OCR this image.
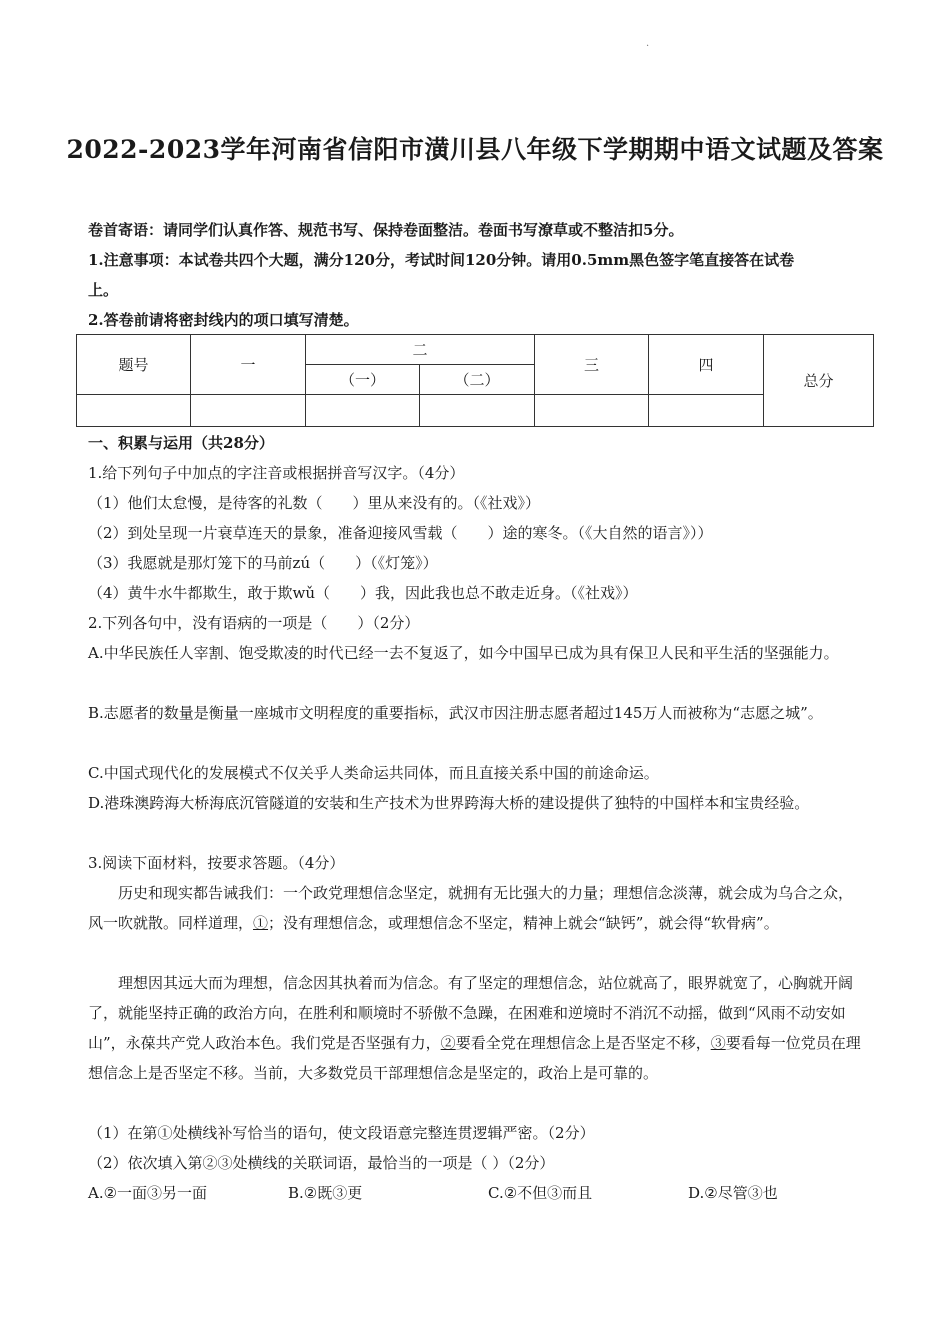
.
2022-2023学年河南省信阳市潢川县八年级下学期期中语文试题及答案
卷首寄语：请同学们认真作答、规范书写、保持卷面整洁。卷面书写潦草或不整洁扣5分。
1.注意事项：本试卷共四个大题，满分120分，考试时间120分钟。请用0.5mm黑色签字笔直接答在试卷
上。
2.答卷前请将密封线内的项口填写清楚。
题号	一	二		三	四	总分
		（一）	（二）			

一、积累与运用（共28分）
1.给下列句子中加点的字注音或根据拼音写汉字。（4分）
（1）他们太怠慢，是待客的礼数（　　）里从来没有的。（《社戏》）
（2）到处呈现一片衰草连天的景象，准备迎接风雪载（　　）途的寒冬。（《大自然的语言》））
（3）我愿就是那灯笼下的马前zú（　　）（《灯笼》）
（4）黄牛水牛都欺生，敢于欺wǔ（　　）我，因此我也总不敢走近身。（《社戏》）
2.下列各句中，没有语病的一项是（　　）（2分）
A.中华民族任人宰割、饱受欺凌的时代已经一去不复返了，如今中国早已成为具有保卫人民和平生活的坚强能力。
B.志愿者的数量是衡量一座城市文明程度的重要指标，武汉市因注册志愿者超过145万人而被称为“志愿之城”。
C.中国式现代化的发展模式不仅关乎人类命运共同体，而且直接关系中国的前途命运。
D.港珠澳跨海大桥海底沉管隧道的安装和生产技术为世界跨海大桥的建设提供了独特的中国样本和宝贵经验。
3.阅读下面材料，按要求答题。（4分）
历史和现实都告诫我们：一个政党理想信念坚定，就拥有无比强大的力量；理想信念淡薄，就会成为乌合之众，风一吹就散。同样道理，①；没有理想信念，或理想信念不坚定，精神上就会“缺钙”，就会得“软骨病”。
理想因其远大而为理想，信念因其执着而为信念。有了坚定的理想信念，站位就高了，眼界就宽了，心胸就开阔了，就能坚持正确的政治方向，在胜利和顺境时不骄傲不急躁，在困难和逆境时不消沉不动摇，做到“风雨不动安如山”，永葆共产党人政治本色。我们党是否坚强有力，②要看全党在理想信念上是否坚定不移，③要看每一位党员在理想信念上是否坚定不移。当前，大多数党员干部理想信念是坚定的，政治上是可靠的。
（1）在第①处横线补写恰当的语句，使文段语意完整连贯逻辑严密。（2分）
（2）依次填入第②③处横线的关联词语，最恰当的一项是（ ）（2分）
A.②一面③另一面	B.②既③更	C.②不但③而且	D.②尽管③也
